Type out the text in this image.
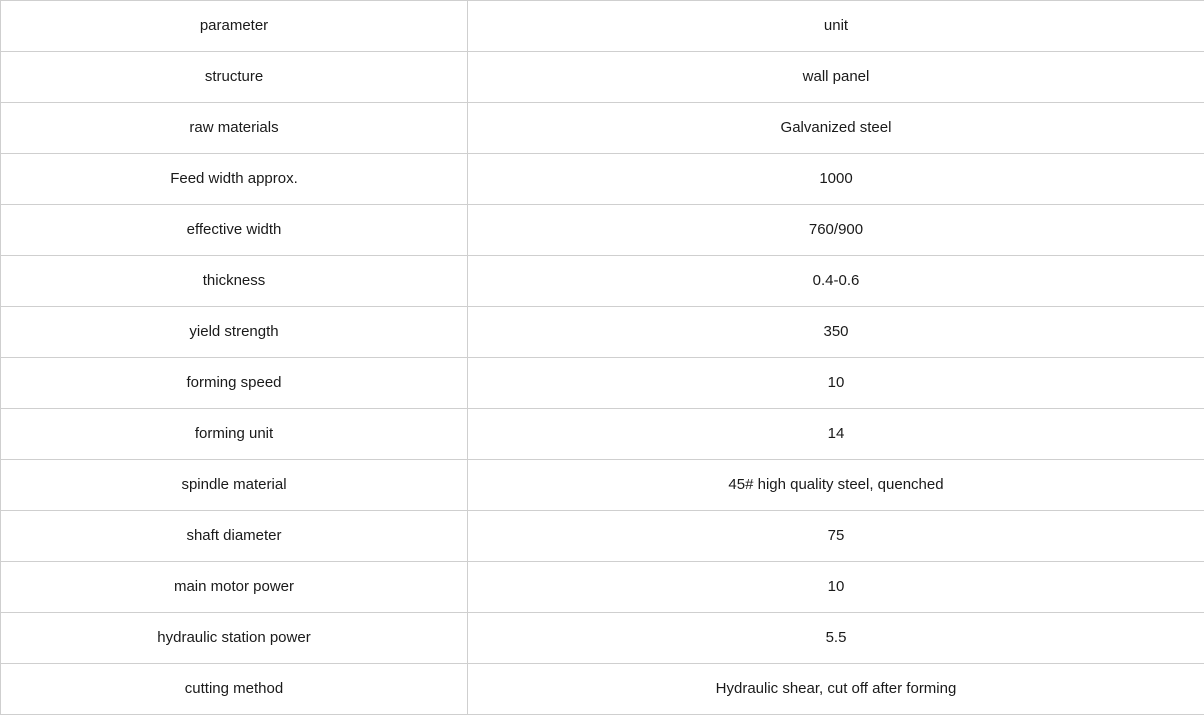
parameter	unit
structure	wall panel
raw materials	Galvanized steel
Feed width approx.	1000
effective width	760/900
thickness	0.4-0.6
yield strength	350
forming speed	10
forming unit	14
spindle material	45# high quality steel, quenched
shaft diameter	75
main motor power	10
hydraulic station power	5.5
cutting method	Hydraulic shear, cut off after forming
